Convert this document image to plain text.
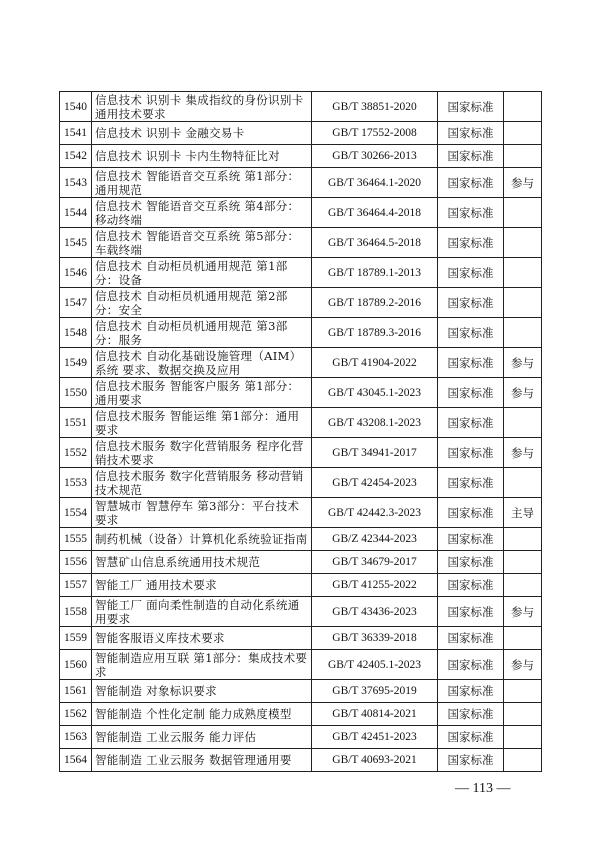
1540	信息技术 识别卡 集成指纹的身份识别卡通用技术要求	GB/T 38851-2020	国家标准	
1541	信息技术 识别卡 金融交易卡	GB/T 17552-2008	国家标准	
1542	信息技术 识别卡 卡内生物特征比对	GB/T 30266-2013	国家标准	
1543	信息技术 智能语音交互系统 第1部分：通用规范	GB/T 36464.1-2020	国家标准	参与
1544	信息技术 智能语音交互系统 第4部分：移动终端	GB/T 36464.4-2018	国家标准	
1545	信息技术 智能语音交互系统 第5部分：车载终端	GB/T 36464.5-2018	国家标准	
1546	信息技术 自动柜员机通用规范 第1部分：设备	GB/T 18789.1-2013	国家标准	
1547	信息技术 自动柜员机通用规范 第2部分：安全	GB/T 18789.2-2016	国家标准	
1548	信息技术 自动柜员机通用规范 第3部分：服务	GB/T 18789.3-2016	国家标准	
1549	信息技术 自动化基础设施管理（AIM）系统 要求、数据交换及应用	GB/T 41904-2022	国家标准	参与
1550	信息技术服务 智能客户服务 第1部分：通用要求	GB/T 43045.1-2023	国家标准	参与
1551	信息技术服务 智能运维 第1部分：通用要求	GB/T 43208.1-2023	国家标准	
1552	信息技术服务 数字化营销服务 程序化营销技术要求	GB/T 34941-2017	国家标准	参与
1553	信息技术服务 数字化营销服务 移动营销技术规范	GB/T 42454-2023	国家标准	
1554	智慧城市 智慧停车 第3部分：平台技术要求	GB/T 42442.3-2023	国家标准	主导
1555	制药机械（设备）计算机化系统验证指南	GB/Z 42344-2023	国家标准	
1556	智慧矿山信息系统通用技术规范	GB/T 34679-2017	国家标准	
1557	智能工厂 通用技术要求	GB/T 41255-2022	国家标准	
1558	智能工厂 面向柔性制造的自动化系统通用要求	GB/T 43436-2023	国家标准	参与
1559	智能客服语义库技术要求	GB/T 36339-2018	国家标准	
1560	智能制造应用互联 第1部分：集成技术要求	GB/T 42405.1-2023	国家标准	参与
1561	智能制造 对象标识要求	GB/T 37695-2019	国家标准	
1562	智能制造 个性化定制 能力成熟度模型	GB/T 40814-2021	国家标准	
1563	智能制造 工业云服务 能力评估	GB/T 42451-2023	国家标准	
1564	智能制造 工业云服务 数据管理通用要	GB/T 40693-2021	国家标准	
— 113 —
